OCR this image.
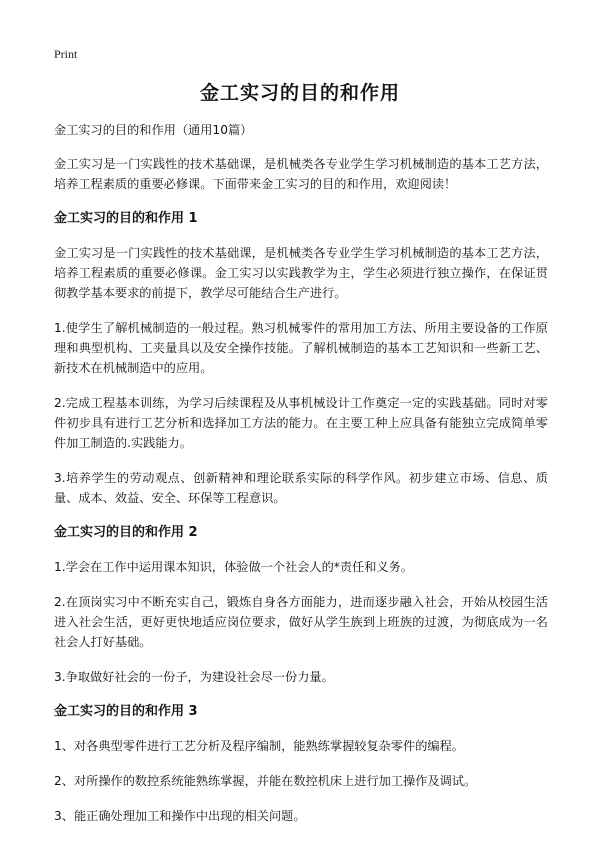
Print
金工实习的目的和作用

金工实习的目的和作用（通用10篇）

金工实习是一门实践性的技术基础课，是机械类各专业学生学习机械制造的基本工艺方法，培养工程素质的重要必修课。下面带来金工实习的目的和作用，欢迎阅读！

金工实习的目的和作用 1

金工实习是一门实践性的技术基础课，是机械类各专业学生学习机械制造的基本工艺方法，培养工程素质的重要必修课。金工实习以实践教学为主，学生必须进行独立操作，在保证贯彻教学基本要求的前提下，教学尽可能结合生产进行。

1.使学生了解机械制造的一般过程。熟习机械零件的常用加工方法、所用主要设备的工作原理和典型机构、工夹量具以及安全操作技能。了解机械制造的基本工艺知识和一些新工艺、新技术在机械制造中的应用。

2.完成工程基本训练，为学习后续课程及从事机械设计工作奠定一定的实践基础。同时对零件初步具有进行工艺分析和选择加工方法的能力。在主要工种上应具备有能独立完成简单零件加工制造的.实践能力。

3.培养学生的劳动观点、创新精神和理论联系实际的科学作风。初步建立市场、信息、质量、成本、效益、安全、环保等工程意识。

金工实习的目的和作用 2

1.学会在工作中运用课本知识，体验做一个社会人的*责任和义务。

2.在顶岗实习中不断充实自己，锻炼自身各方面能力，进而逐步融入社会，开始从校园生活进入社会生活，更好更快地适应岗位要求，做好从学生族到上班族的过渡，为彻底成为一名社会人打好基础。

3.争取做好社会的一份子，为建设社会尽一份力量。

金工实习的目的和作用 3

1、对各典型零件进行工艺分析及程序编制，能熟练掌握较复杂零件的编程。

2、对所操作的数控系统能熟练掌握，并能在数控机床上进行加工操作及调试。

3、能正确处理加工和操作中出现的相关问题。
